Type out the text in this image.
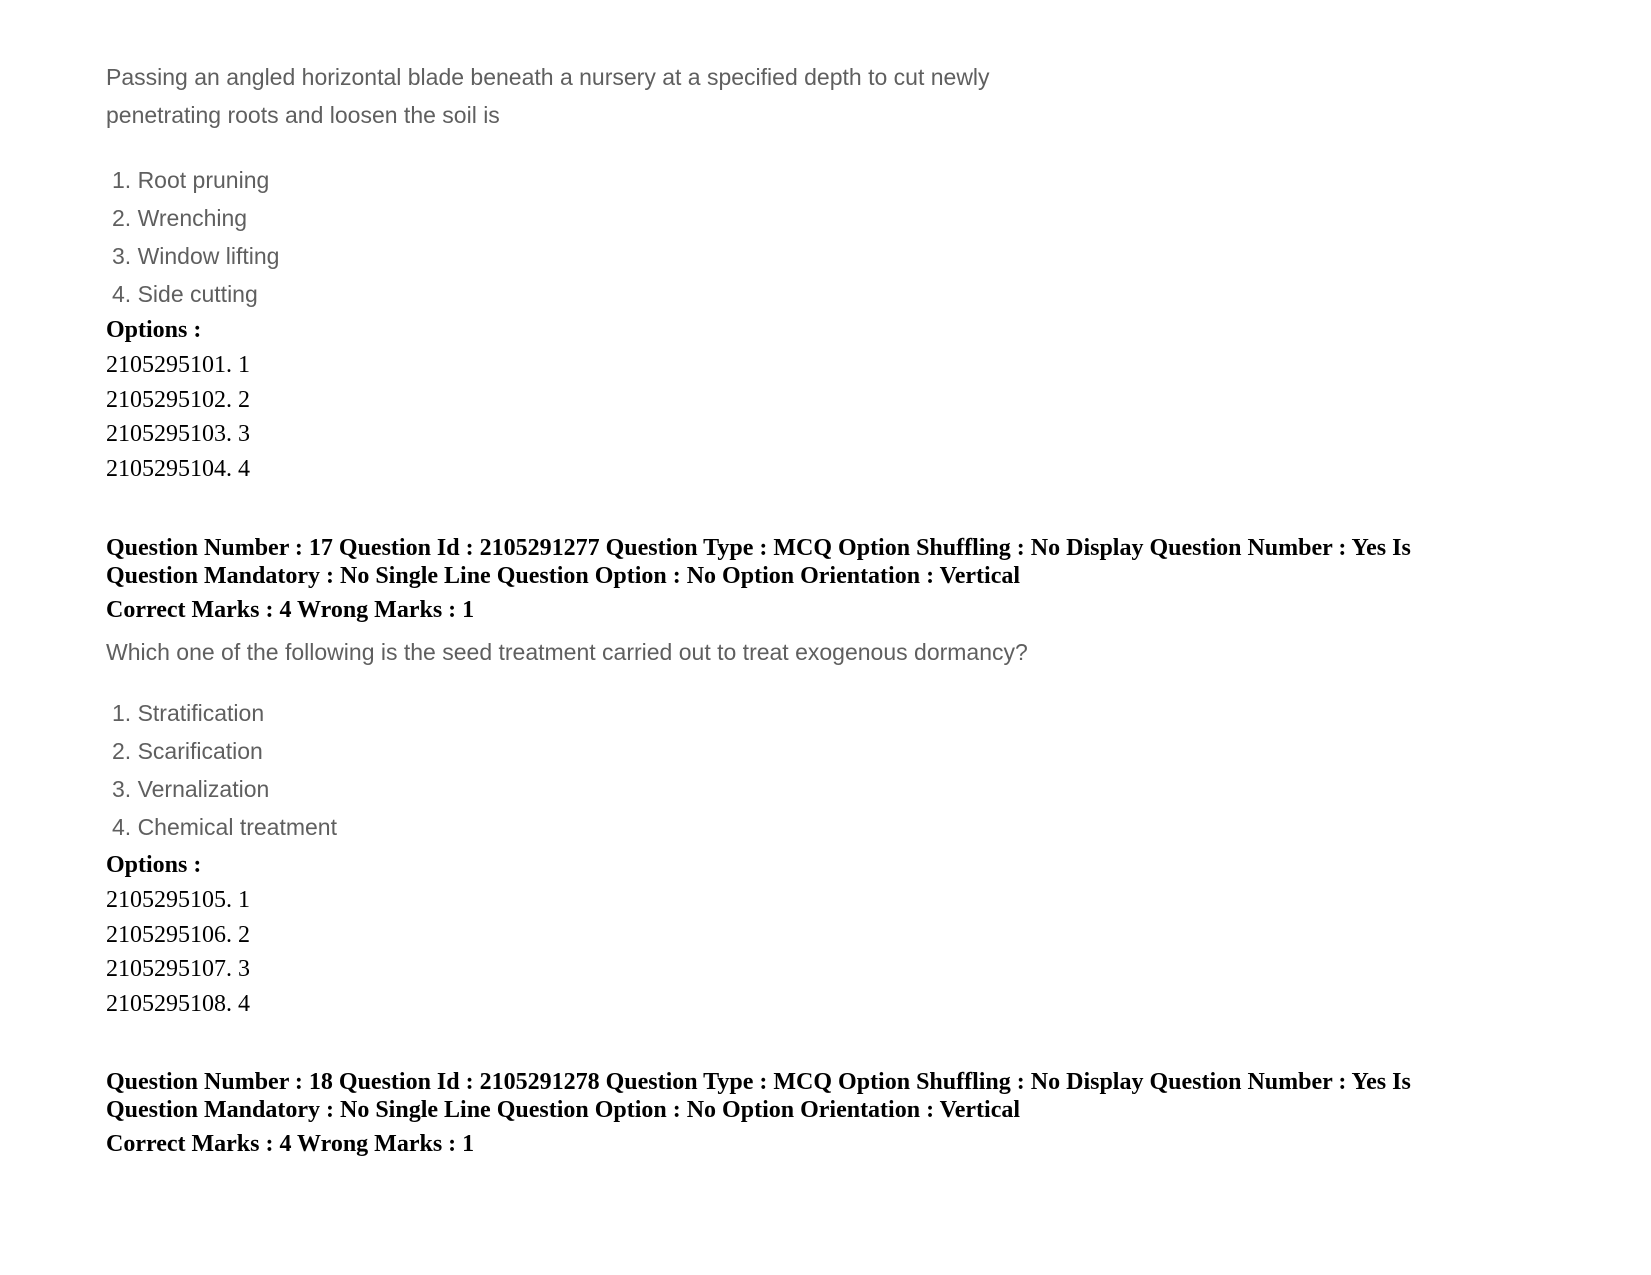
Passing an angled horizontal blade beneath a nursery at a specified depth to cut newly penetrating roots and loosen the soil is

1. Root pruning
2. Wrenching
3. Window lifting
4. Side cutting

Options :

2105295101. 1
2105295102. 2
2105295103. 3
2105295104. 4
Question Number : 17 Question Id : 2105291277 Question Type : MCQ Option Shuffling : No Display Question Number : Yes Is
Question Mandatory : No Single Line Question Option : No Option Orientation : Vertical

Correct Marks : 4 Wrong Marks : 1

Which one of the following is the seed treatment carried out to treat exogenous dormancy?

1. Stratification
2. Scarification
3. Vernalization
4. Chemical treatment

Options :

2105295105. 1
2105295106. 2
2105295107. 3
2105295108. 4
Question Number : 18 Question Id : 2105291278 Question Type : MCQ Option Shuffling : No Display Question Number : Yes Is
Question Mandatory : No Single Line Question Option : No Option Orientation : Vertical

Correct Marks : 4 Wrong Marks : 1
